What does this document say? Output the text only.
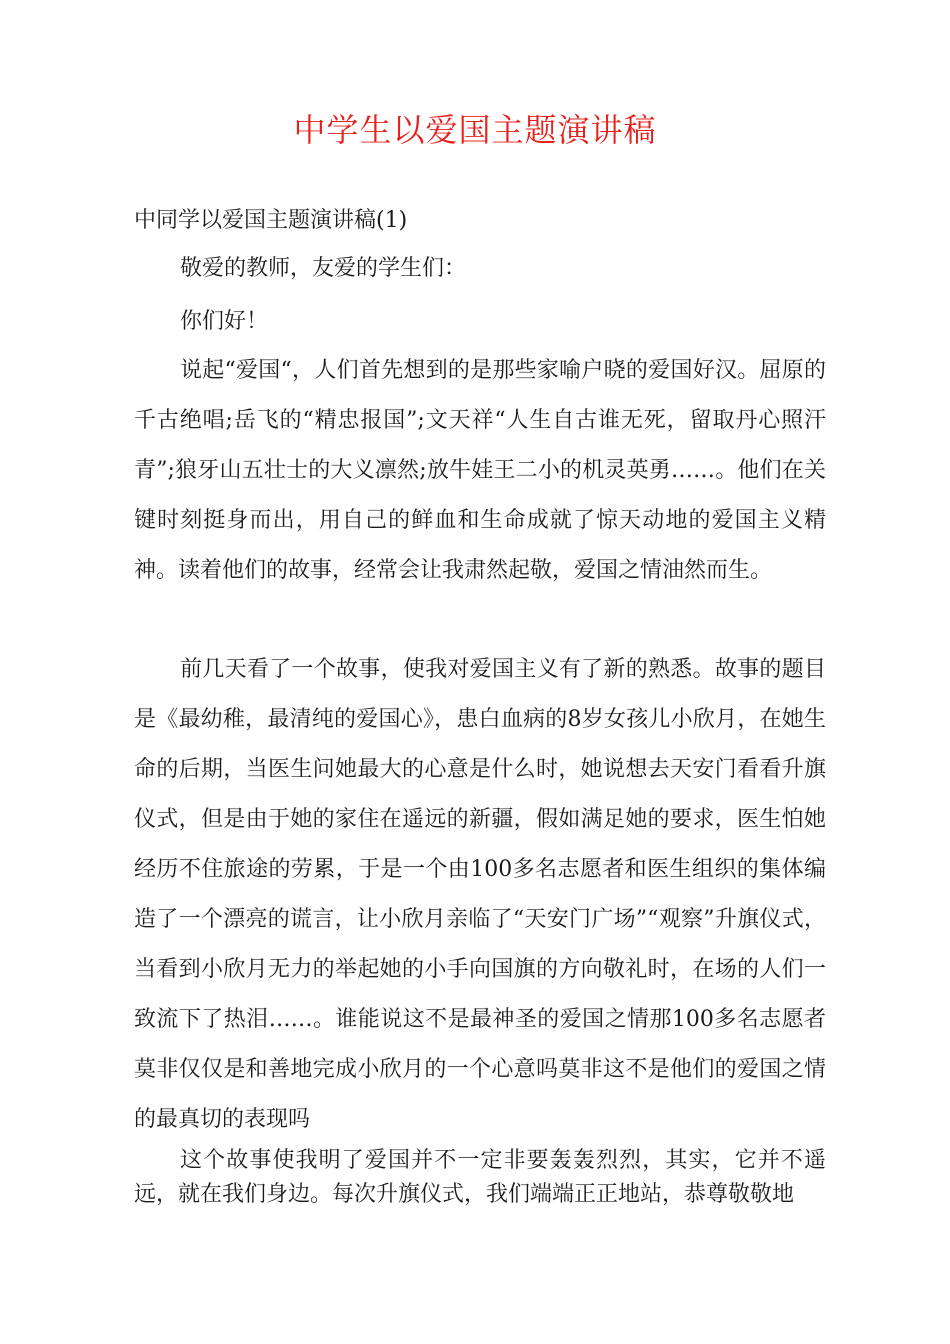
中学生以爱国主题演讲稿

中同学以爱国主题演讲稿(1)

敬爱的教师，友爱的学生们：

你们好！

说起“爱国“，人们首先想到的是那些家喻户晓的爱国好汉。屈原的千古绝唱;岳飞的“精忠报国”;文天祥“人生自古谁无死，留取丹心照汗青”;狼牙山五壮士的大义凛然;放牛娃王二小的机灵英勇……。他们在关键时刻挺身而出，用自己的鲜血和生命成就了惊天动地的爱国主义精神。读着他们的故事，经常会让我肃然起敬，爱国之情油然而生。

前几天看了一个故事，使我对爱国主义有了新的熟悉。故事的题目是《最幼稚，最清纯的爱国心》，患白血病的8岁女孩儿小欣月，在她生命的后期，当医生问她最大的心意是什么时，她说想去天安门看看升旗仪式，但是由于她的家住在遥远的新疆，假如满足她的要求，医生怕她经历不住旅途的劳累，于是一个由100多名志愿者和医生组织的集体编造了一个漂亮的谎言，让小欣月亲临了“天安门广场”“观察”升旗仪式，当看到小欣月无力的举起她的小手向国旗的方向敬礼时，在场的人们一致流下了热泪……。谁能说这不是最神圣的爱国之情那100多名志愿者莫非仅仅是和善地完成小欣月的一个心意吗莫非这不是他们的爱国之情的最真切的表现吗

这个故事使我明了爱国并不一定非要轰轰烈烈，其实，它并不遥远，就在我们身边。每次升旗仪式，我们端端正正地站，恭尊敬敬地
